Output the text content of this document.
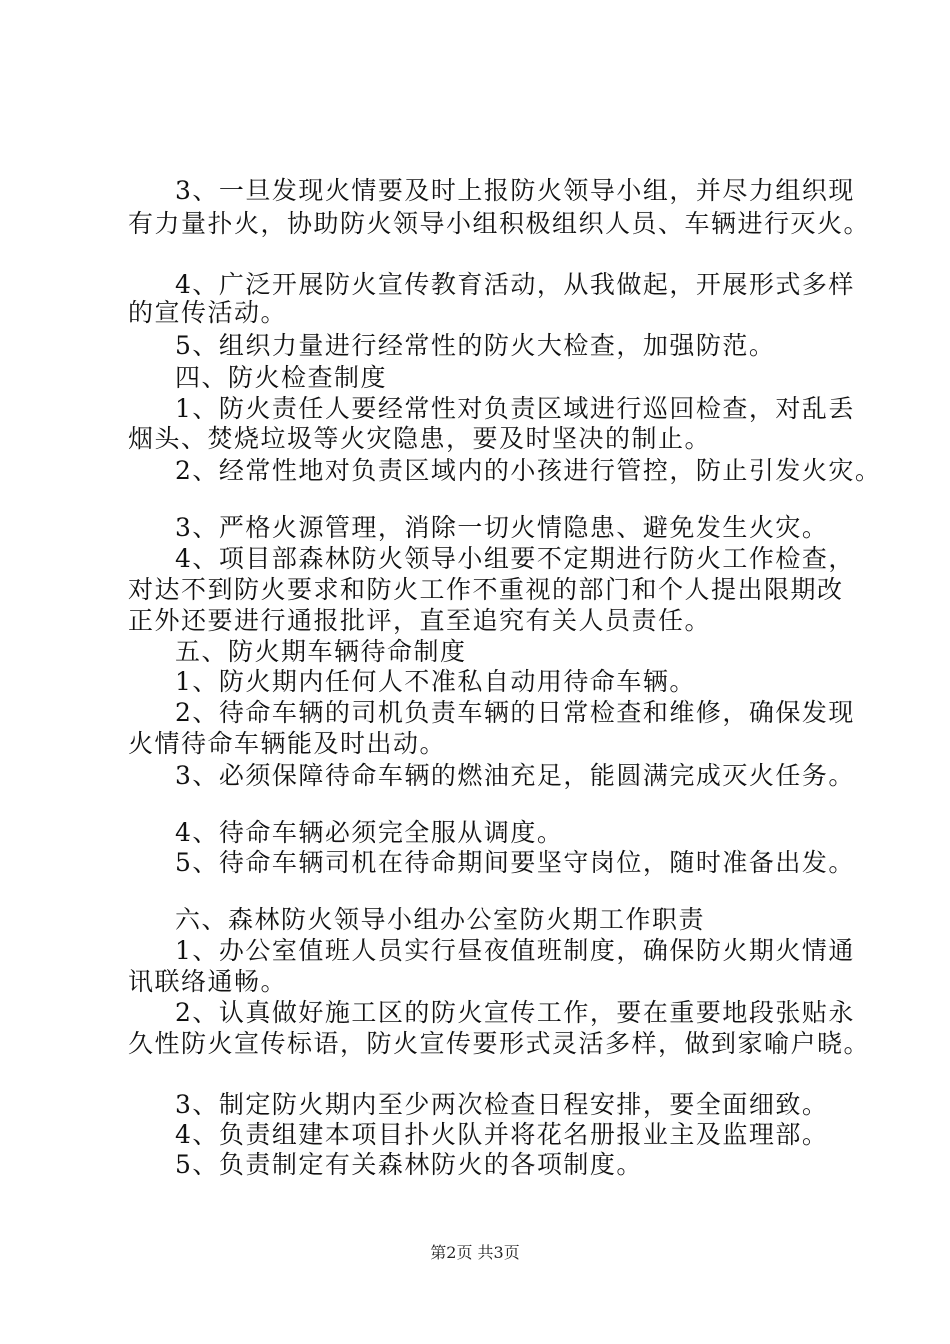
3、一旦发现火情要及时上报防火领导小组，并尽力组织现
有力量扑火，协助防火领导小组积极组织人员、车辆进行灭火。
4、广泛开展防火宣传教育活动，从我做起，开展形式多样
的宣传活动。
5、组织力量进行经常性的防火大检查，加强防范。
四、防火检查制度
1、防火责任人要经常性对负责区域进行巡回检查，对乱丢
烟头、焚烧垃圾等火灾隐患，要及时坚决的制止。
2、经常性地对负责区域内的小孩进行管控，防止引发火灾。
3、严格火源管理，消除一切火情隐患、避免发生火灾。
4、项目部森林防火领导小组要不定期进行防火工作检查，
对达不到防火要求和防火工作不重视的部门和个人提出限期改
正外还要进行通报批评，直至追究有关人员责任。
五、防火期车辆待命制度
1、防火期内任何人不准私自动用待命车辆。
2、待命车辆的司机负责车辆的日常检查和维修，确保发现
火情待命车辆能及时出动。
3、必须保障待命车辆的燃油充足，能圆满完成灭火任务。
4、待命车辆必须完全服从调度。
5、待命车辆司机在待命期间要坚守岗位，随时准备出发。
六、森林防火领导小组办公室防火期工作职责
1、办公室值班人员实行昼夜值班制度，确保防火期火情通
讯联络通畅。
2、认真做好施工区的防火宣传工作，要在重要地段张贴永
久性防火宣传标语，防火宣传要形式灵活多样，做到家喻户晓。
3、制定防火期内至少两次检查日程安排，要全面细致。
4、负责组建本项目扑火队并将花名册报业主及监理部。
5、负责制定有关森林防火的各项制度。
第2页 共3页
